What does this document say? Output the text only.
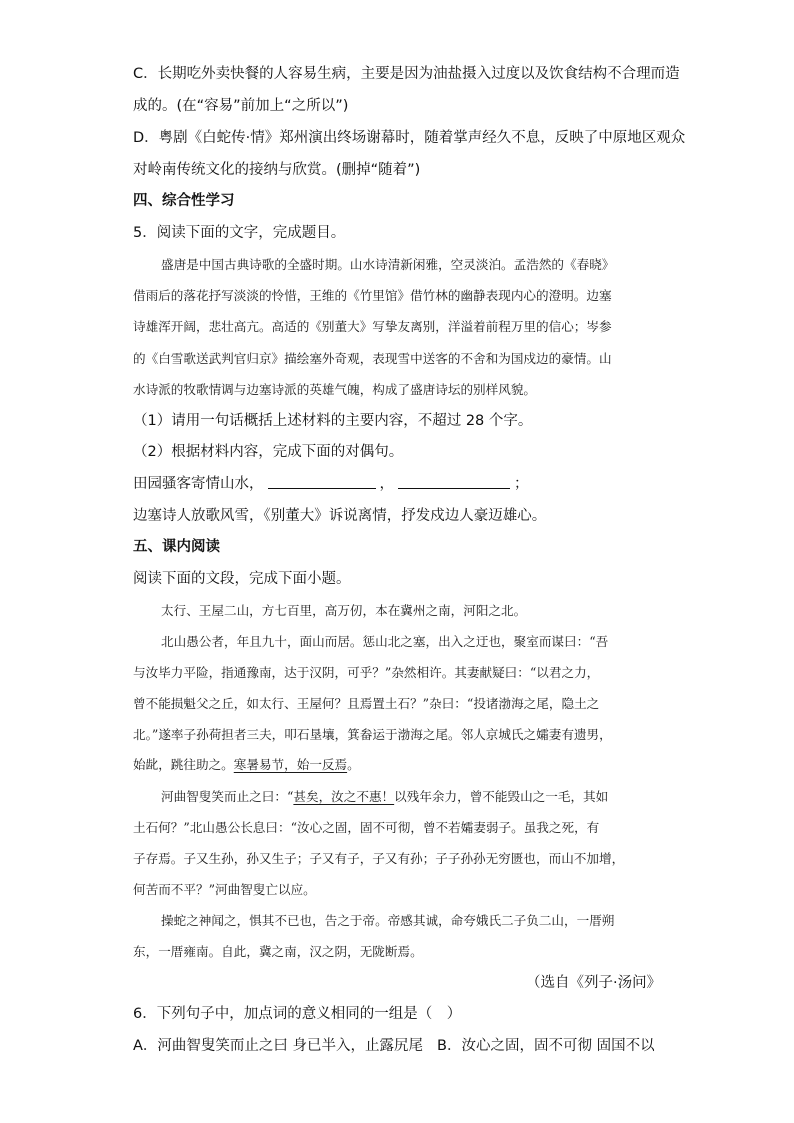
C．长期吃外卖快餐的人容易生病，主要是因为油盐摄入过度以及饮食结构不合理而造
成的。(在“容易”前加上“之所以”)
D．粤剧《白蛇传·情》郑州演出终场谢幕时，随着掌声经久不息，反映了中原地区观众
对岭南传统文化的接纳与欣赏。(删掉“随着”)
四、综合性学习
5．阅读下面的文字，完成题目。
盛唐是中国古典诗歌的全盛时期。山水诗清新闲雅，空灵淡泊。孟浩然的《春晓》
借雨后的落花抒写淡淡的怜惜，王维的《竹里馆》借竹林的幽静表现内心的澄明。边塞
诗雄浑开阔，悲壮高亢。高适的《别董大》写挚友离别，洋溢着前程万里的信心；岑参
的《白雪歌送武判官归京》描绘塞外奇观，表现雪中送客的不舍和为国戍边的豪情。山
水诗派的牧歌情调与边塞诗派的英雄气魄，构成了盛唐诗坛的别样风貌。
（1）请用一句话概括上述材料的主要内容，不超过 28 个字。
（2）根据材料内容，完成下面的对偶句。
田园骚客寄情山水，	，	；
边塞诗人放歌风雪，《别董大》诉说离情，抒发戍边人豪迈雄心。
五、课内阅读
阅读下面的文段，完成下面小题。
太行、王屋二山，方七百里，高万仞，本在冀州之南，河阳之北。
北山愚公者，年且九十，面山而居。惩山北之塞，出入之迂也，聚室而谋曰：“吾
与汝毕力平险，指通豫南，达于汉阴，可乎？”杂然相许。其妻献疑曰：“以君之力，
曾不能损魁父之丘，如太行、王屋何？且焉置土石？”杂曰：“投诸渤海之尾，隐土之
北。”遂率子孙荷担者三夫，叩石垦壤，箕畚运于渤海之尾。邻人京城氏之孀妻有遗男，
始龀，跳往助之。寒暑易节，始一反焉。
河曲智叟笑而止之曰：“甚矣，汝之不惠！以残年余力，曾不能毁山之一毛，其如
土石何？”北山愚公长息曰：“汝心之固，固不可彻，曾不若孀妻弱子。虽我之死，有
子存焉。子又生孙，孙又生子；子又有子，子又有孙；子子孙孙无穷匮也，而山不加增，
何苦而不平？”河曲智叟亡以应。
操蛇之神闻之，惧其不已也，告之于帝。帝感其诚，命夸娥氏二子负二山，一厝朔
东，一厝雍南。自此，冀之南，汉之阴，无陇断焉。
（选自《列子·汤问》
6．下列句子中，加点词的意义相同的一组是（　）
A．河曲智叟笑而止之曰 身已半入，止露尻尾 B．汝心之固，固不可彻 固国不以
